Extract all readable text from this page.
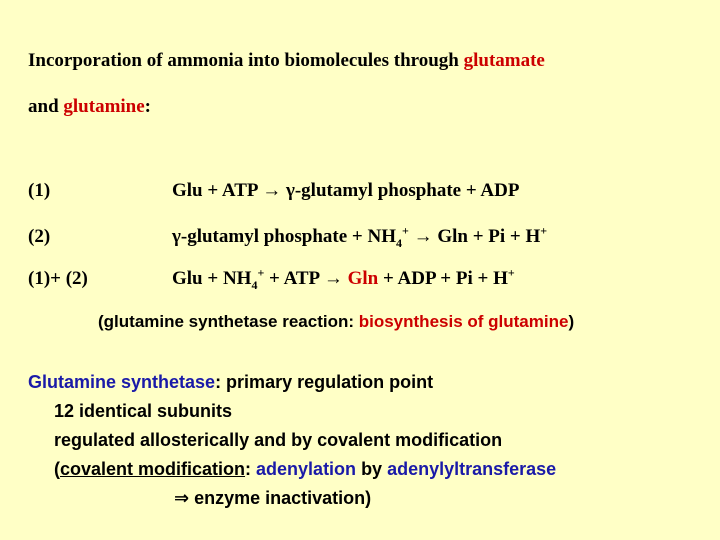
Incorporation of ammonia into biomolecules through glutamate
and glutamine:
(1)	Glu + ATP → γ-glutamyl phosphate + ADP
(2)	γ-glutamyl phosphate + $NH_4^+ \to Gln + Pi + H^+$
(1)+ (2)	Glu + $NH_4^+$ + ATP → Gln + ADP + Pi + H+
(glutamine synthetase reaction: biosynthesis of glutamine)
Glutamine synthetase: primary regulation point
12 identical subunits
regulated allosterically and by covalent modification
(covalent modification: adenylation by adenylyltransferase
⇒ enzyme inactivation)
